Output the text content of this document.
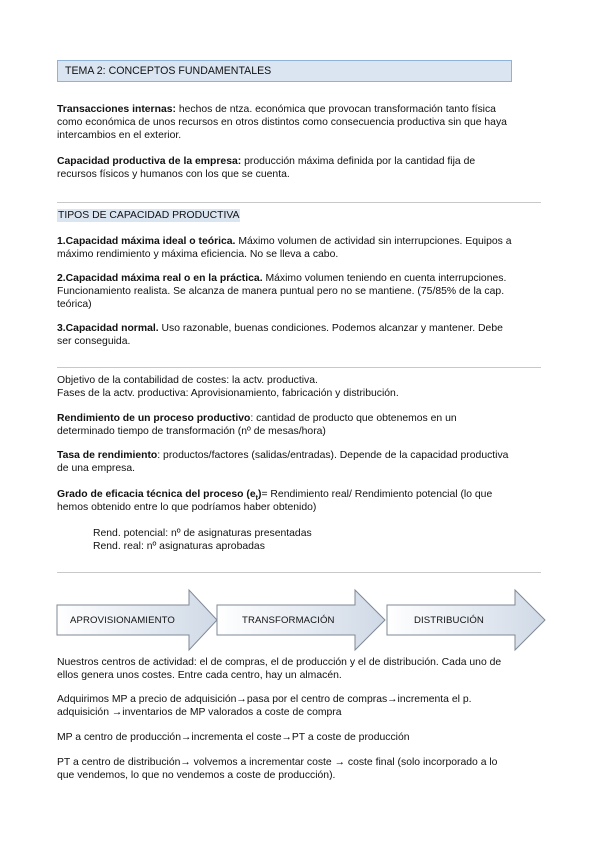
TEMA 2: CONCEPTOS FUNDAMENTALES
Transacciones internas: hechos de ntza. económica que provocan transformación tanto física
como económica de unos recursos en otros distintos como consecuencia productiva sin que haya
intercambios en el exterior.
Capacidad productiva de la empresa: producción máxima definida por la cantidad fija de
recursos físicos y humanos con los que se cuenta.
TIPOS DE CAPACIDAD PRODUCTIVA
1.Capacidad máxima ideal o teórica. Máximo volumen de actividad sin interrupciones. Equipos a
máximo rendimiento y máxima eficiencia. No se lleva a cabo.
2.Capacidad máxima real o en la práctica. Máximo volumen teniendo en cuenta interrupciones.
Funcionamiento realista. Se alcanza de manera puntual pero no se mantiene. (75/85% de la cap.
teórica)
3.Capacidad normal. Uso razonable, buenas condiciones. Podemos alcanzar y mantener. Debe
ser conseguida.
Objetivo de la contabilidad de costes: la actv. productiva.
Fases de la actv. productiva: Aprovisionamiento, fabricación y distribución.
Rendimiento de un proceso productivo: cantidad de producto que obtenemos en un
determinado tiempo de transformación (nº de mesas/hora)
Tasa de rendimiento: productos/factores (salidas/entradas). Depende de la capacidad productiva
de una empresa.
Grado de eficacia técnica del proceso $(e_t)=$ Rendimiento real/ Rendimiento potencial (lo que
hemos obtenido entre lo que podríamos haber obtenido)
Rend. potencial: nº de asignaturas presentadas
Rend. real: nº asignaturas aprobadas
APROVISIONAMIENTO	TRANSFORMACIÓN	DISTRIBUCIÓN
Nuestros centros de actividad: el de compras, el de producción y el de distribución. Cada uno de
ellos genera unos costes. Entre cada centro, hay un almacén.
Adquirimos MP a precio de adquisición→pasa por el centro de compras→incrementa el p.
adquisición →inventarios de MP valorados a coste de compra
MP a centro de producción→incrementa el coste→PT a coste de producción
PT a centro de distribución→ volvemos a incrementar coste → coste final (solo incorporado a lo
que vendemos, lo que no vendemos a coste de producción).
